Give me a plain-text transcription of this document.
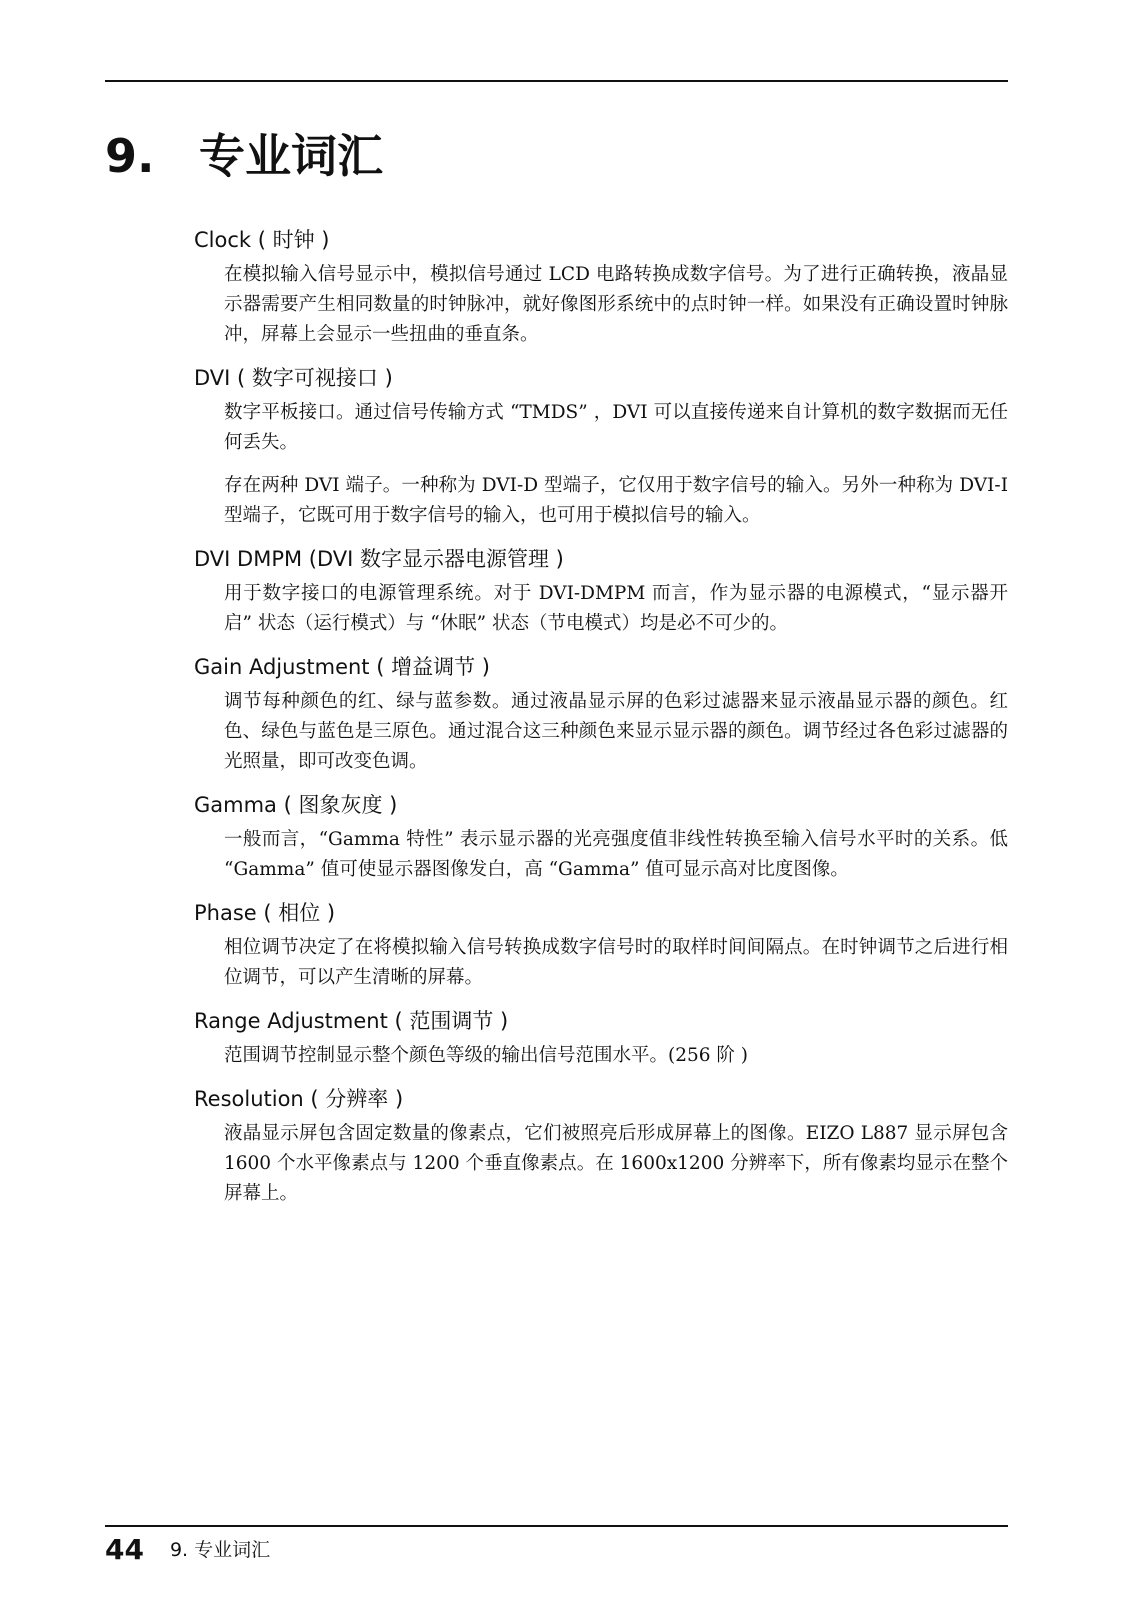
9. 专业词汇
Clock ( 时钟 )

在模拟输入信号显示中，模拟信号通过 LCD 电路转换成数字信号。为了进行正确转换，液晶显示器需要产生相同数量的时钟脉冲，就好像图形系统中的点时钟一样。如果没有正确设置时钟脉冲，屏幕上会显示一些扭曲的垂直条。

DVI ( 数字可视接口 )

数字平板接口。通过信号传输方式 “TMDS” ，DVI 可以直接传递来自计算机的数字数据而无任何丢失。

存在两种 DVI 端子。一种称为 DVI-D 型端子，它仅用于数字信号的输入。另外一种称为 DVI-I 型端子，它既可用于数字信号的输入，也可用于模拟信号的输入。

DVI DMPM (DVI 数字显示器电源管理 )

用于数字接口的电源管理系统。对于 DVI-DMPM 而言，作为显示器的电源模式，“显示器开启” 状态（运行模式）与 “休眠” 状态（节电模式）均是必不可少的。

Gain Adjustment ( 增益调节 )

调节每种颜色的红、绿与蓝参数。通过液晶显示屏的色彩过滤器来显示液晶显示器的颜色。红色、绿色与蓝色是三原色。通过混合这三种颜色来显示显示器的颜色。调节经过各色彩过滤器的光照量，即可改变色调。

Gamma ( 图象灰度 )

一般而言，“Gamma 特性” 表示显示器的光亮强度值非线性转换至输入信号水平时的关系。低 “Gamma” 值可使显示器图像发白，高 “Gamma” 值可显示高对比度图像。

Phase ( 相位 )

相位调节决定了在将模拟输入信号转换成数字信号时的取样时间间隔点。在时钟调节之后进行相位调节，可以产生清晰的屏幕。

Range Adjustment ( 范围调节 )

范围调节控制显示整个颜色等级的输出信号范围水平。(256 阶 )

Resolution ( 分辨率 )

液晶显示屏包含固定数量的像素点，它们被照亮后形成屏幕上的图像。EIZO L887 显示屏包含 1600 个水平像素点与 1200 个垂直像素点。在 1600x1200 分辨率下，所有像素均显示在整个屏幕上。

44 9. 专业词汇
